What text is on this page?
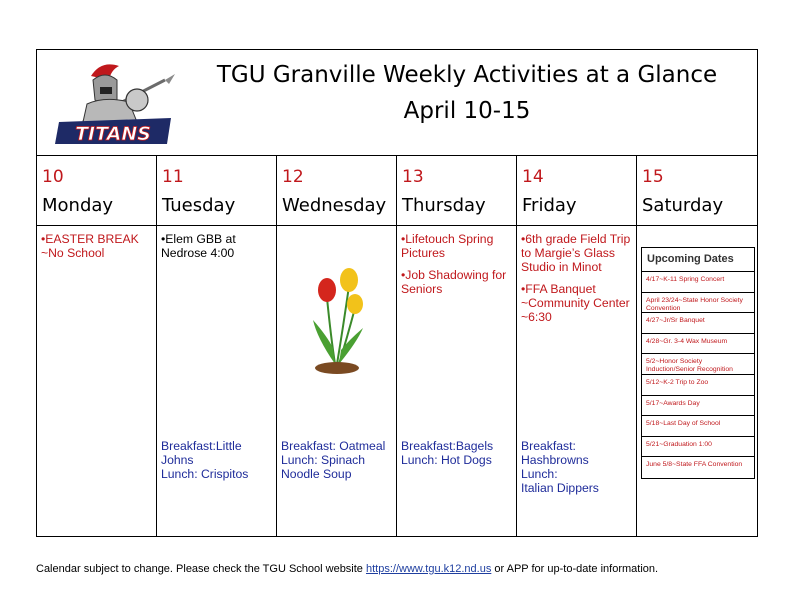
TITANS
TGU Granville Weekly Activities at a Glance
April 10-15
10
Monday
11
Tuesday
12
Wednesday
13
Thursday
14
Friday
15
Saturday
•EASTER BREAK
~No School
•Elem GBB at
Nedrose 4:00
Breakfast:Little
Johns
Lunch: Crispitos
Breakfast: Oatmeal
Lunch: Spinach
Noodle Soup
•Lifetouch Spring
Pictures
•Job Shadowing for
Seniors
Breakfast:Bagels
Lunch: Hot Dogs
•6th grade Field Trip
to Margie’s Glass
Studio in Minot
•FFA Banquet
~Community Center
~6:30
Breakfast:
Hashbrowns
Lunch:
Italian Dippers
Upcoming Dates
4/17~K-11 Spring Concert
April 23/24~State Honor Society Convention
4/27~Jr/Sr Banquet
4/28~Gr. 3-4 Wax Museum
5/2~Honor Society Induction/Senior Recognition
5/12~K-2 Trip to Zoo
5/17~Awards Day
5/18~Last Day of School
5/21~Graduation 1:00
June 5/8~State FFA Convention
Calendar subject to change. Please check the TGU School website https://www.tgu.k12.nd.us or APP for up-to-date information.
